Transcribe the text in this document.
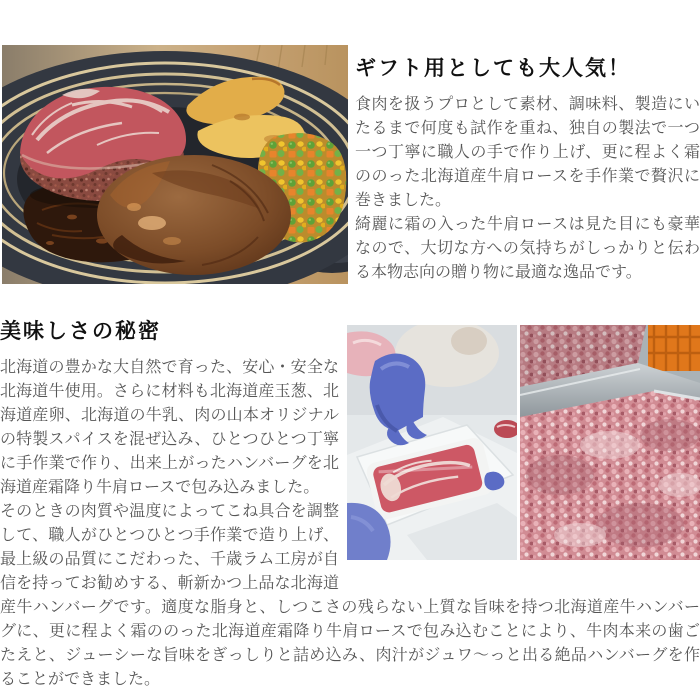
ギフト用としても大人気！

食肉を扱うプロとして素材、調味料、製造にいたるまで何度も試作を重ね、独自の製法で一つ一つ丁寧に職人の手で作り上げ、更に程よく霜ののった北海道産牛肩ロースを手作業で贅沢に巻きました。

綺麗に霜の入った牛肩ロースは見た目にも豪華なので、大切な方への気持ちがしっかりと伝わる本物志向の贈り物に最適な逸品です。

美味しさの秘密

北海道の豊かな大自然で育った、安心・安全な北海道牛使用。さらに材料も北海道産玉葱、北海道産卵、北海道の牛乳、肉の山本オリジナルの特製スパイスを混ぜ込み、ひとつひとつ丁寧に手作業で作り、出来上がったハンバーグを北海道産霜降り牛肩ロースで包み込みました。

そのときの肉質や温度によってこね具合を調整して、職人がひとつひとつ手作業で造り上げ、最上級の品質にこだわった、千歳ラム工房が自信を持ってお勧めする、斬新かつ上品な北海道産牛ハンバーグです。適度な脂身と、しつこさの残らない上質な旨味を持つ北海道産牛ハンバーグに、更に程よく霜ののった北海道産霜降り牛肩ロースで包み込むことにより、牛肉本来の歯ごたえと、ジューシーな旨味をぎっしりと詰め込み、肉汁がジュワ〜っと出る絶品ハンバーグを作ることができました。
